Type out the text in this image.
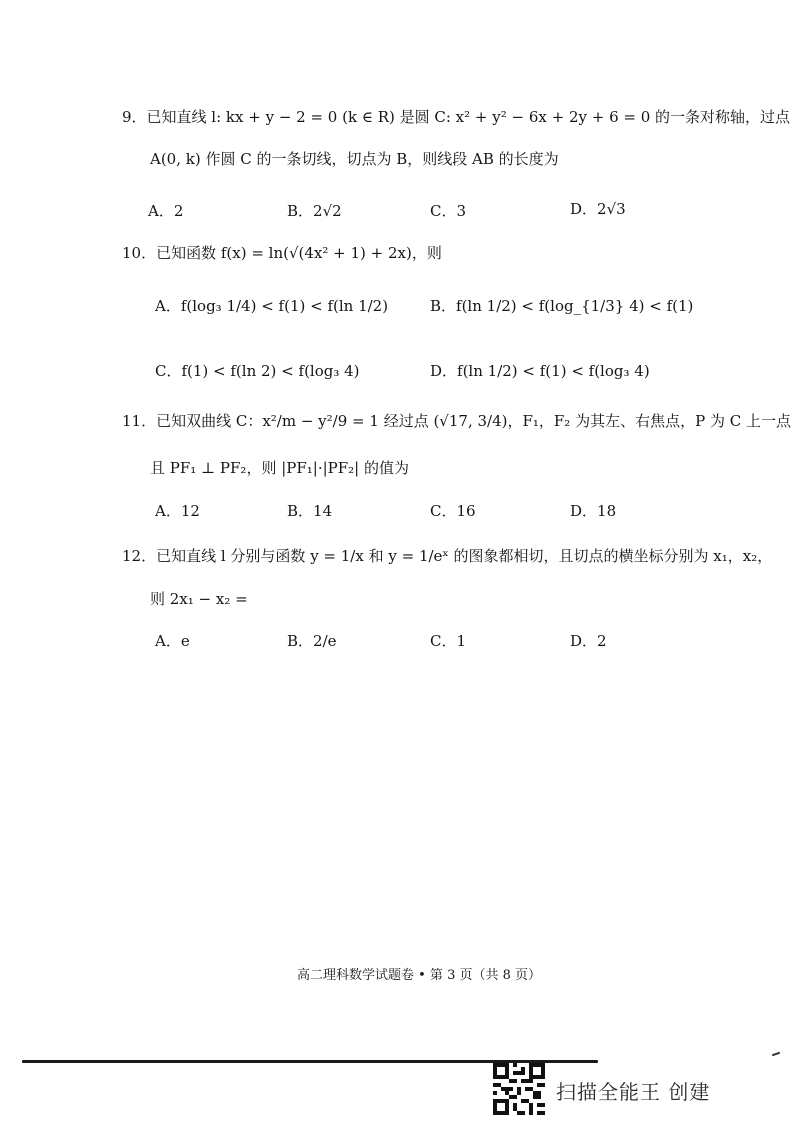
9．已知直线 l: kx + y − 2 = 0 (k ∈ R) 是圆 C: x² + y² − 6x + 2y + 6 = 0 的一条对称轴，过点
A(0, k) 作圆 C 的一条切线，切点为 B，则线段 AB 的长度为
A．2	B．2√2	C．3	D．2√3
10．已知函数 f(x) = ln(√(4x² + 1) + 2x)，则
A．f(log₃ 1/4) < f(1) < f(ln 1/2)	B．f(ln 1/2) < f(log_{1/3} 4) < f(1)
C．f(1) < f(ln 2) < f(log₃ 4)	D．f(ln 1/2) < f(1) < f(log₃ 4)
11．已知双曲线 C：x²/m − y²/9 = 1 经过点 (√17, 3/4)，F₁，F₂ 为其左、右焦点，P 为 C 上一点
且 PF₁ ⊥ PF₂，则 |PF₁|·|PF₂| 的值为
A．12	B．14	C．16	D．18
12．已知直线 l 分别与函数 y = 1/x 和 y = 1/eˣ 的图象都相切，且切点的横坐标分别为 x₁，x₂，
则 2x₁ − x₂ =
A．e	B．2/e	C．1	D．2
高二理科数学试题卷 • 第 3 页（共 8 页）
扫描全能王 创建
